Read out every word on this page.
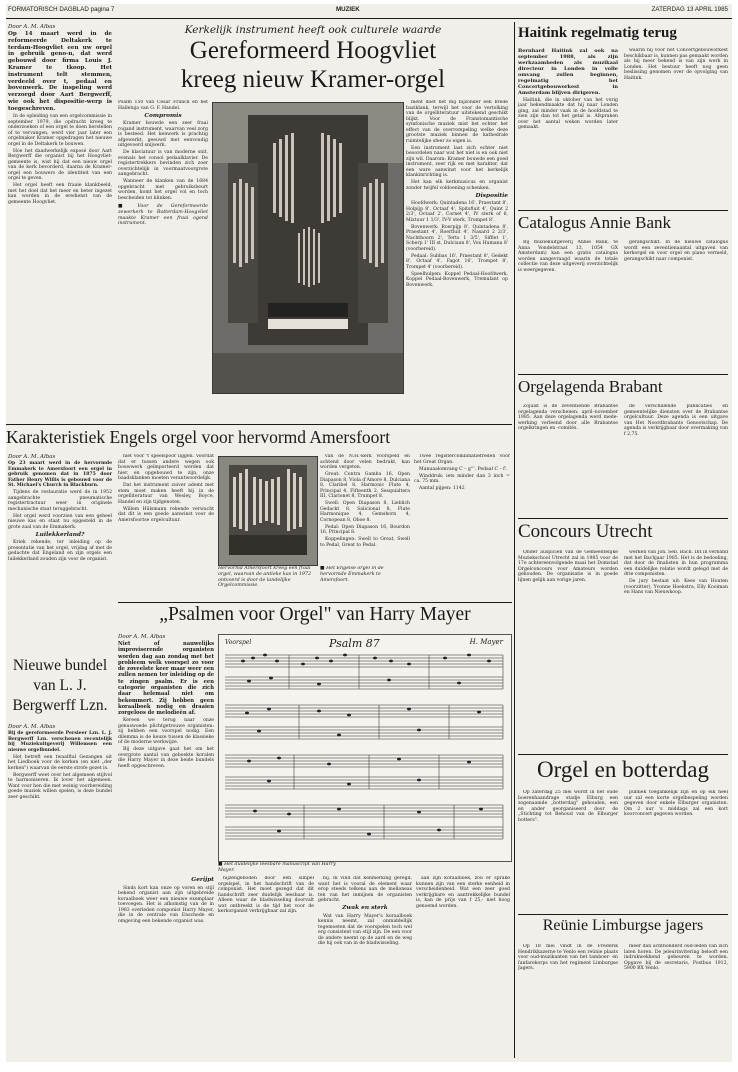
FORMATORISCH DAGBLAD pagina 7	MUZIEK	ZATERDAG 13 APRIL 1985
Door A. M. Albas

Op 14 maart werd in de reformeerde Deltakerk te terdam-Hoogvliet een uw orgel in gebruik geno-n, dat werd gebouwd door firma Louis J. Kramer te tkoop. Het instrument telt stemmen, verdeeld over t, pedaal en bovenwerk. De inspeling werd verzorgd door Aart Bergwerff, wie ook het dispositie-werp is toegeschreven.

In de opleiding van een orgelcommissie in september 1979, die opdracht kreeg te onderzoeken of een orgel te doen herstellen of te vervangen, werd vier jaar later een orgelmaker Kramer opgedragen het nieuwe orgel in de Deltakerk te bouwen.

Hoe het daadwerkelijk exposé door Aart Bergwerff die organist bij het Hoogvliet-gemeente is, wist hij dat een nieuw orgel van de kerk bevorderd, daarna de Kramer-orgel een bouwers de identiteit van een orgel te geven.

Het orgel heeft een fraaie klankbeeld, met het doel dat het meer en beter ingezet kan worden in de eredienst van de gemeente Hoogvliet.

Kerkelijk instrument heeft ook culturele waarde
Gereformeerd Hoogvliet
kreeg nieuw Kramer-orgel

Psalm 150 van César Franck en het Halleluja van G. F. Handel.

Compromis

Kramer bouwde een zeer fraai rogand instrument, waarvan veel zorg is besteed. Het kenwerk is prachtig afgewerkt, geeuwd met eenvoudig uitgevoerd snijwerk.

De klaviatuur is van moderne snit, evenals het consol pedaalklavier. De registertrekkers bevinden zich zoer overzichtelijk in voormaatvoorgrote aangebracht.

Wanneer de klanken van de 1684 opgebracht met gebruiksbeurt worden, komt het orgel vol en toch bescheiden tot klinken.

■ Voor de Gereformeerde zewerkerk te Rotterdam-Hoogvliet maakte Kramer een fraai ogend instrument.

ment doet het mij bijzonder een brede baziklank, terwijl het voor de vertolking van de orgelliteratuur uitstekend geschikt blijkt. Voor de Franstomantische symfonische muziek mist het echter het effect van de overrompeling welke deze grootste muziek binnen de kathedrale ruimtelijke sfeer zo eigen is.

Een instrument laat zich echter niet beoordelen naar wat het niet is en ook niet zijn wil. Daarom: Kramer bouwde een goed instrument, zeer rijk en met karakter, dat een ware aanwinst voor het kerkelijk klankinrichting is.

Het kan elk kerkmusicus en organist zonder twijfel voldoening schenken.

Dispositie

Hoofdwerk: Quintadena 16', Praestant 8', Holpijp 8', Octaaf 4', Spitsfluit 4', Quint 2 2/3', Octaaf 2', Cornet 4', IV sterk of 6, Mixtuur 1 1/3', IV-V sterk, Trompet 8'.

Bovenwerk: Roerpijp 8', Quintadena 8', Praestant 4', Roerfluit 4', Nasard 2 2/3', Nachthoorn 2', Terts 1 3/5', Sifflet 1', Scherp 1' III st, Dulciaan 8', Vox Humana 8' (voorbereid).

Pedaal: Subbas 16', Praestant 8', Gedekt 8', Octaaf 4', Fagot 16', Trompet 8', Trompet 4' (voorbereid).

Speelhulpen: Koppel Pedaal-Hoofdwerk, Koppel Pedaal-Bovenwerk, Tremulant op Bovenwerk.

Haitink regelmatig terug

Bernhard Haitink zal ook na september 1988, als zijn werkzaamheden als muzikaal directeur in Londen in volle omvang zullen beginnen, regelmatig het Concertgebouworkest in Amsterdam blijven dirigeren.

Haitink, die in oktober van het vorig jaar bekendmaakte dat hij naar Londen ging, zal minder vaak in de hoofdstad te zien zijn dan tot het getal is. Afspraken over het aantal weken worden later gemaakt.

waarin hij voor het Concertgebouworkest beschikbaar is, kunnen pas gemaakt worden als hij meer bekend is van zijn werk in Londen. Het bestuur heeft nog geen beslissing genomen over de opvolging van Haitink.

Catalogus Annie Bank

Bij muziekuitgeverij Annie Bank, te Anna Vondelstraat 13, 1054 GX Amsterdam) kan een gratis catalogus worden aangevraagd waarin de totale collectie van deze uitgeverij overzichtelijk is weergegeven.

gerangschikt. In de nieuwe catalogus wordt een zeventienaantal uitgaven van kerkorgel en voor orgel en piano vermeld, gerangschikt naar componist.

Orgelagenda Brabant

Zojuist is de zeventiende Brabantse orgelagenda verschenen: april–november 1985. Aan deze orgelagenda werd mede-werking verleend door alle Brabantse orgelkringen en -comités.

de verschillende publicaties en gemeentelijke diensten over de Brabantse orgelcultuur. Deze agenda is een uitgave van Het Noordbrabants Genootschap. De agenda is verkrijgbaar door overmaking van f 2,75.

Concours Utrecht

Onder auspiciën van de Gemeentelijke Muziekschool Utrecht zal in 1985 voor de 17e achtereenvolgende maal het Domstad Orgelconcours voor Amateurs worden gehouden. De organisatie is in goede lijnen gelijk aan vorige jaren.

werken van Joh. Seb. Bach. Dit in verband met het Bachjaar 1985. Het is de bedoeling, dat door de finalisten in hun programma een duidelijke relatie wordt gelegd met de drie componisten.

De jury bestaat uit: Kees van Houten (voorzitter), Yvonne Hoekstra, Elly Kooiman en Hans van Nieuwkoop.

Orgel en botterdag

Op zaterdag 25 mei wordt in het oude boerenhaandrage stadje Elburg een zogenaamde „botterdag" gehouden, een en ander georganiseerd door de „Stichting tot Behoud van de Elburger botters".

publiek toegankelijk zijn en op elk heel uur zal een korte orgelbespeling worden gegeven door enkele Elburger organisten. Om 2 uur 's middags zal een kort koorconcert gegeven worden.

Reünie Limburgse jagers

Op 18 mei vindt in de Frederik Hendrikkazerne te Venlo een reünie plaats voor oud-muzikanten van het tamboer- en fanfarekorps van het regiment Limburgse Jagers.

meer dan achthonderd oud-leden van zich laten horen. De jeleurinvitering belooft een indrukwekkend gebeuren te worden. Opgave bij de secretaris, Postbus 1912, 5900 BX Venlo.

Karakteristiek Engels orgel voor hervormd Amersfoort
Door A. M. Albas

Op 23 maart werd in de hervormde Emmakerk te Amersfoort een orgel in gebruik genomen dat in 1875 door Father Henry Willis is gebouwd voor de St. Michael's Church in Blackburn.

Tijdens de restauratie werd de in 1952 aangebrachte pneumatische registertractuur weer in originele mechanische staat teruggebracht.

Het orgel werd voorzien van een geheel nieuwe kas en staat nu opgesteld in de grote zaal van de Emmakerk.

Luilekkerland?

Kriek rekende, ter inleiding op de presentatie van het orgel, vrijdag af met de gedachte dat Engeland en zijn orgels een luilekkerland zouden zijn voor de organist.

niet voor 't speelspoor liggen. Voordat dat er tussen andere wegen ook bouwwerk geïmporteerd werden dat hier, en opgebouwd te zijn, onze baadsklanken moeten verantwoordelijk.

Dat het instrument zuiver ademt met stem moet maken heeft bij in de orgelliteratuur van Wesley, Boyce, Handel en zijn tijdgenoten.

Willem Hülsmann rekende verwacht dat dit is een goede aanwinst voor de Amersfoortse orgelcultuur.

van de N.H.-kerk voorspeld en achtend door velen bedrukt, kan worden vergeten.

Great: Contra Gamba 16, Open Diapason 8, Viola d'Amore 8, Dulciana 8, Claribel 8, Harmonic Flute 4, Principal 4, Fifteenth 2, Sesquialtera III, Clarionet 8, Trumpet 8.

Swell: Open Diapason 8, Lieblich Gedackt 8, Salicional 8, Flute Harmonique 4, Gemshorn 4, Cornopean 8, Oboe 8.

Pedal: Open Diapason 16, Bourdon 16, Principal 8.

Koppelingen: Swell to Great, Swell to Pedal, Great to Pedal.

Twee registercombinatietreden voor het Great Organ.

Manuaalomvang C – g'''. Pedaal C – f'.

Winddruk: iets minder dan 3 inch = ca. 75 mm.

Aantal pijpen: 1142

Hervormd Amersfoort kreeg een fraai orgel, waarvan de antieke kas in 1972 ontvoerd is door de landelijke Orgelcommissie.
■ Het Engelse orgel in de hervormde Emmakerk te Amersfoort.
Nieuwe bundel
van L. J.
Bergwerff Lzn.
Door A. M. Albas

Bij de gereformeerde Persieer Lzn. L. J. Bergwerff Lzn. verschenen recentelijk bij Muziekuitgeverij Willemsen een nieuwe orgelbundel.

Het betreft een twaalftal Gezangen uit het Liedboek voor de kerken (en niet „der kerken") waarvan de eerste strofe gezet is.

Bergwerff weet over het algemeen stijlvol te harmoniseren. Ik lover het algemeen. Want voor hen die met weinig voorbereiding goede muziek willen spelen, is deze bundel zeer geschikt.

„Psalmen voor Orgel" van Harry Mayer
Door A. M. Albas

Niet of nauwelijks improviserende organisten worden dag aan zondag met het probleem welk voorspel zo voor de zoveelste keer maar weer een zullen nemen ter inleiding op de te zingen psalm. Er is een categorie organisten die zich daar helemaal niet om bekommert. Zij hebben geen koraalboek nodig en draaien zorgeloos de melodieën af.

Kereen we terug naar onze genuswoede plichtgetrouwe organisten: zij hebben een voorspel nodig. Een dilemma is de keuze tussen de klassieke of de moderne werkwijze.

Bij deze uitgave gaat het om het overgrote aantal van geboekte koralen die Harry Mayer in deze beide bundels heeft opgeschreven.

Voorspel	Psalm 87	H. Mayer
■ Het duidelijke leesbare manuscript van Harry Mayer.
Gerijpt

Sinds kort kan onze op voren en stijl bekend organist aan zijn uitgebreide koraalboek weer een nieuwe exemplaar toevoegen. Het is afkomstig van de in 1983 overleden componist Harry Mayer, die in de centrale van Enschede en omgeving een bekende organist was.

hijzengeboden door een simpel orgelspel, in het handschrift van de componist. Het moet gezegd dat dit handschrift zeer duidelijk leesbaar is. Alleen waar de bladwisseling doorvalt wat ontbreekt is de tijd het voor de kerkorganist verkrijgbaar zal zijn.

bij. Ik vind dat kenmerking geregd, want het is vooral de element waar erop steeds telkens aan de melloneas ten van het inmijnen de organisten gebracht.

Zwak en sterk

Wat van Harry Mayer's koraalboek kennis neemt, zal onmiddellijk tegemoeten dat de voorspelen toch wel erg consistent van stijl zijn. De een voor de andere neemt op de aard en de weg die hij ook van in de bladwisseling.

aan zijn koraalboek, zou er sprake kunnen zijn van een sterke eenheid in verscheidenheid. Wat een zeer goed verkrijgbare en aantrekkelijke bundel is, kan de prijs van f 25,- niet hoog genoemd worden.
